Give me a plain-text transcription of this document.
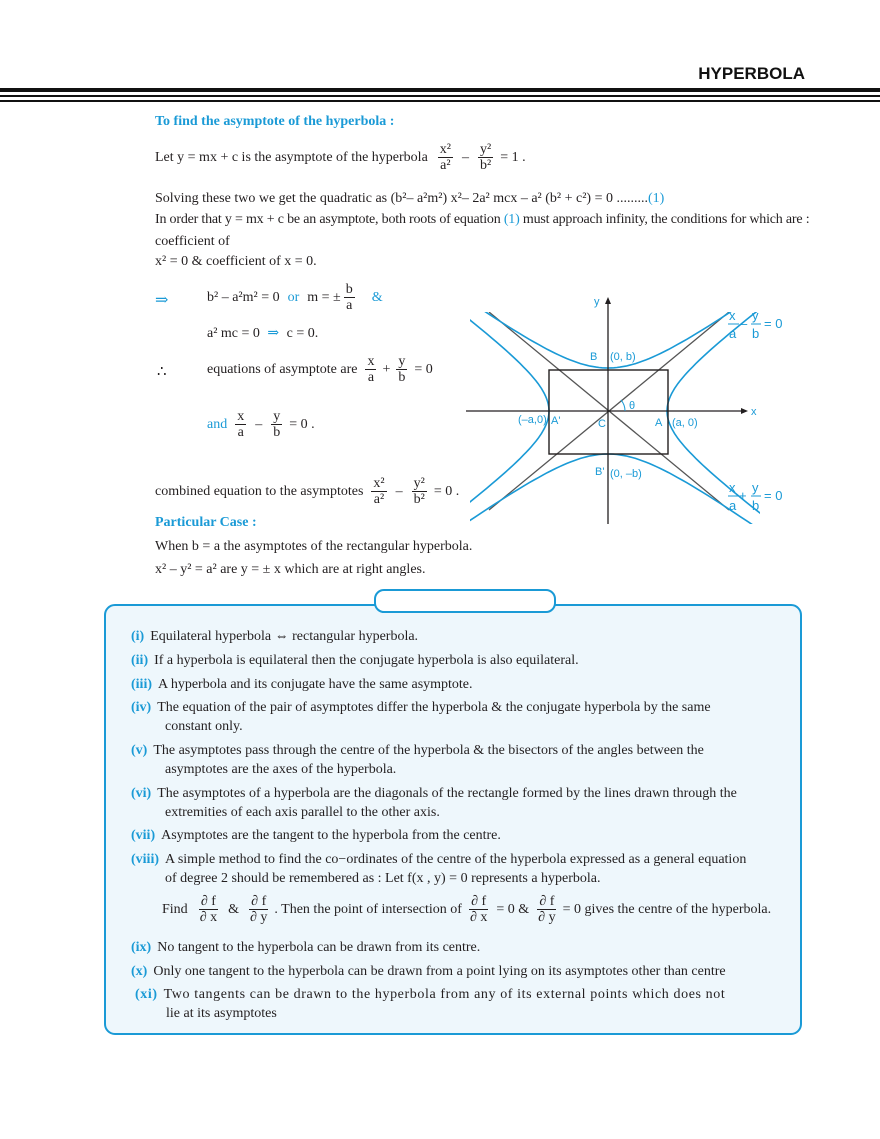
HYPERBOLA
To find the asymptote of the hyperbola :
Let y = mx + c is the asymptote of the hyperbola $\frac{\text{x²}}{\text{a²}} - \frac{\text{y²}}{\text{b²}} = 1$ .
Solving these two we get the quadratic as (b²– a²m²) x²– 2a² mcx – a² (b² + c²) = 0 .........(1)
In order that y = mx + c be an asymptote, both roots of equation (1) must approach infinity, the conditions for which are :
coefficient of
x² = 0 & coefficient of x = 0.
⇒	b² – a²m² = 0 or m = ± $\frac{b}{a}$ &
a² mc = 0 ⇒ c = 0.
∴	equations of asymptote are $\frac{x}{a} + \frac{y}{b} = 0$
and $\frac{x}{a} - \frac{y}{b} = 0$ .
combined equation to the asymptotes $\frac{\text{x²}}{\text{a²}} - \frac{\text{y²}}{\text{b²}} = 0$ .
Particular Case :
When b = a the asymptotes of the rectangular hyperbola.
x² – y² = a² are y = ± x which are at right angles.
y
x
B (0, b)
B' (0, –b)
A (a, 0)
A'
(–a,0)	C
θ
x
a
–
y
b
= 0
x
a
+
y
b
= 0
(i) Equilateral hyperbola ⇔ rectangular hyperbola.
(ii) If a hyperbola is equilateral then the conjugate hyperbola is also equilateral.
(iii) A hyperbola and its conjugate have the same asymptote.
(iv) The equation of the pair of asymptotes differ the hyperbola & the conjugate hyperbola by the same
constant only.
(v) The asymptotes pass through the centre of the hyperbola & the bisectors of the angles between the
asymptotes are the axes of the hyperbola.
(vi) The asymptotes of a hyperbola are the diagonals of the rectangle formed by the lines drawn through the
extremities of each axis parallel to the other axis.
(vii) Asymptotes are the tangent to the hyperbola from the centre.
(viii) A simple method to find the co−ordinates of the centre of the hyperbola expressed as a general equation
of degree 2 should be remembered as : Let f(x , y) = 0 represents a hyperbola.
Find $\frac{\partial f}{\partial x}$ & $\frac{\partial f}{\partial y}$ . Then the point of intersection of $\frac{\partial f}{\partial x} = 0$ & $\frac{\partial f}{\partial y} = 0$ gives the centre of the hyperbola.
(ix) No tangent to the hyperbola can be drawn from its centre.
(x) Only one tangent to the hyperbola can be drawn from a point lying on its asymptotes other than centre
(xi) Two tangents can be drawn to the hyperbola from any of its external points which does not
lie at its asymptotes
